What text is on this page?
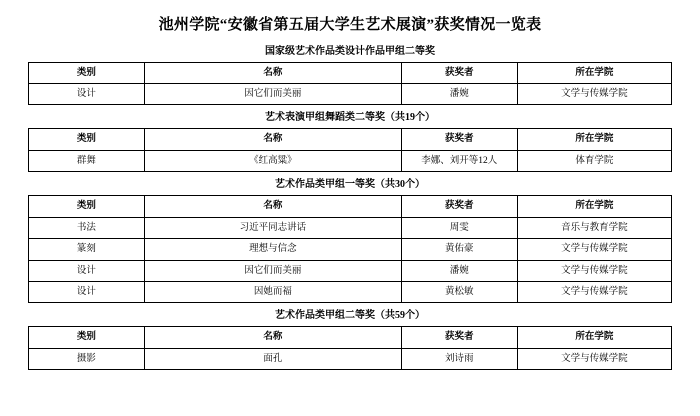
池州学院“安徽省第五届大学生艺术展演”获奖情况一览表
国家级艺术作品类设计作品甲组二等奖
类别	名称	获奖者	所在学院
设计	因它们而美丽	潘婉	文学与传媒学院
艺术表演甲组舞蹈类二等奖（共19个）
类别	名称	获奖者	所在学院
群舞	《红高粱》	李娜、刘开等12人	体育学院
艺术作品类甲组一等奖（共30个）
类别	名称	获奖者	所在学院
书法	习近平同志讲话	周雯	音乐与教育学院
篆刻	理想与信念	黄佑豪	文学与传媒学院
设计	因它们而美丽	潘婉	文学与传媒学院
设计	因她而福	黄松敏	文学与传媒学院
艺术作品类甲组二等奖（共59个）
类别	名称	获奖者	所在学院
摄影	面孔	刘诗雨	文学与传媒学院
